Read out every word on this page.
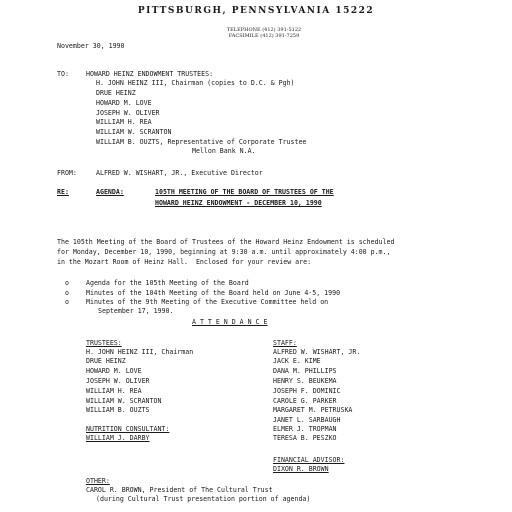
PITTSBURGH, PENNSYLVANIA 15222
TELEPHONE (412) 391-5122
FACSIMILE (412) 391-7259
November 30, 1990
TO:	HOWARD HEINZ ENDOWMENT TRUSTEES:
H. JOHN HEINZ III, Chairman (copies to D.C. & Pgh)
DRUE HEINZ
HOWARD M. LOVE
JOSEPH W. OLIVER
WILLIAM H. REA
WILLIAM W. SCRANTON
WILLIAM B. OUZTS, Representative of Corporate Trustee
Mellon Bank N.A.
FROM:	ALFRED W. WISHART, JR., Executive Director
RE:	AGENDA:	105TH MEETING OF THE BOARD OF TRUSTEES OF THE
HOWARD HEINZ ENDOWMENT - DECEMBER 10, 1990
The 105th Meeting of the Board of Trustees of the Howard Heinz Endowment is scheduled
for Monday, December 10, 1990, beginning at 9:30 a.m. until approximately 4:00 p.m.,
in the Mozart Room of Heinz Hall.  Enclosed for your review are:
o	Agenda for the 105th Meeting of the Board
o	Minutes of the 104th Meeting of the Board held on June 4-5, 1990
o	Minutes of the 9th Meeting of the Executive Committee held on
September 17, 1990.
A T T E N D A N C E
TRUSTEES:
H. JOHN HEINZ III, Chairman
DRUE HEINZ
HOWARD M. LOVE
JOSEPH W. OLIVER
WILLIAM H. REA
WILLIAM W. SCRANTON
WILLIAM B. OUZTS
NUTRITION CONSULTANT:
WILLIAM J. DARBY
STAFF:
ALFRED W. WISHART, JR.
JACK E. KIME
DANA M. PHILLIPS
HENRY S. BEUKEMA
JOSEPH F. DOMINIC
CAROLE G. PARKER
MARGARET M. PETRUSKA
JANET L. SARBAUGH
ELMER J. TROPMAN
TERESA B. PESZKO
FINANCIAL ADVISOR:
DIXON R. BROWN
OTHER:
CAROL R. BROWN, President of The Cultural Trust
(during Cultural Trust presentation portion of agenda)
